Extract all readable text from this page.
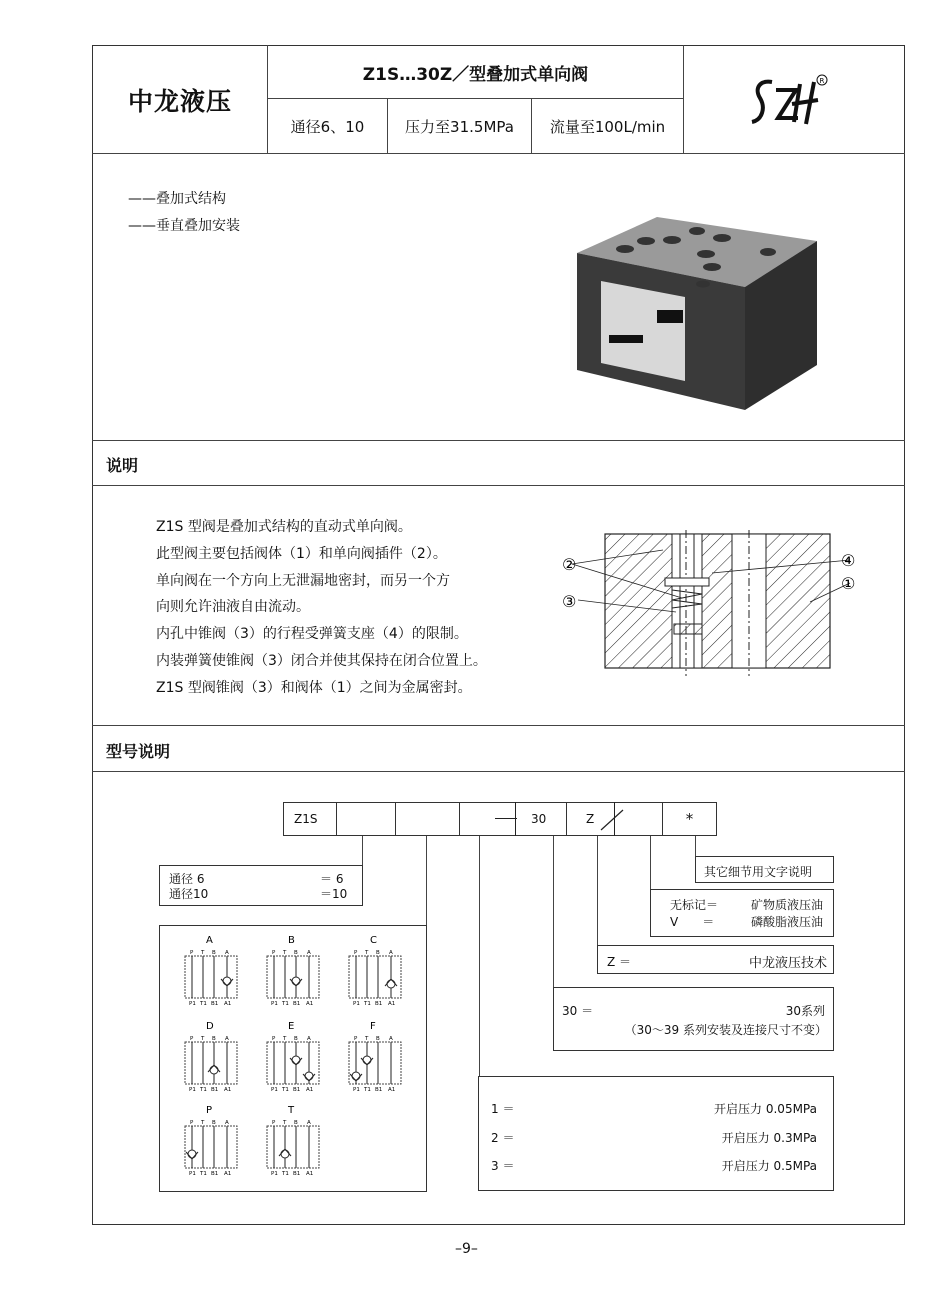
中龙液压
Z1S…30Z／型叠加式单向阀
通径6、10	压力至31.5MPa	流量至100L/min
R
——叠加式结构
——垂直叠加安装
说明
Z1S 型阀是叠加式结构的直动式单向阀。
此型阀主要包括阀体（1）和单向阀插件（2）。
单向阀在一个方向上无泄漏地密封，而另一个方
向则允许油液自由流动。
内孔中锥阀（3）的行程受弹簧支座（4）的限制。
内装弹簧使锥阀（3）闭合并使其保持在闭合位置上。
Z1S 型阀锥阀（3）和阀体（1）之间为金属密封。
②
③
④
①
型号说明
Z1S	30	Z	*
通径 6	＝ 6
通径10	＝10
A
P
P1
T
T1
B
B1
A
A1
B
P
P1
T
T1
B
B1
A
A1
C
P
P1
T
T1
B
B1
A
A1
D
P
P1
T
T1
B
B1
A
A1
E
P
P1
T
T1
B
B1
A
A1
F
P
P1
T
T1
B
B1
A
A1
P
P
P1
T
T1
B
B1
A
A1
T
P
P1
T
T1
B
B1
A
A1
其它细节用文字说明
无标记＝	矿物质液压油
V　　＝	磷酸脂液压油
Z ＝	中龙液压技术
30 ＝	30系列
（30～39 系列安装及连接尺寸不变）
1 ＝	开启压力 0.05MPa
2 ＝	开启压力 0.3MPa
3 ＝	开启压力 0.5MPa
–9–
